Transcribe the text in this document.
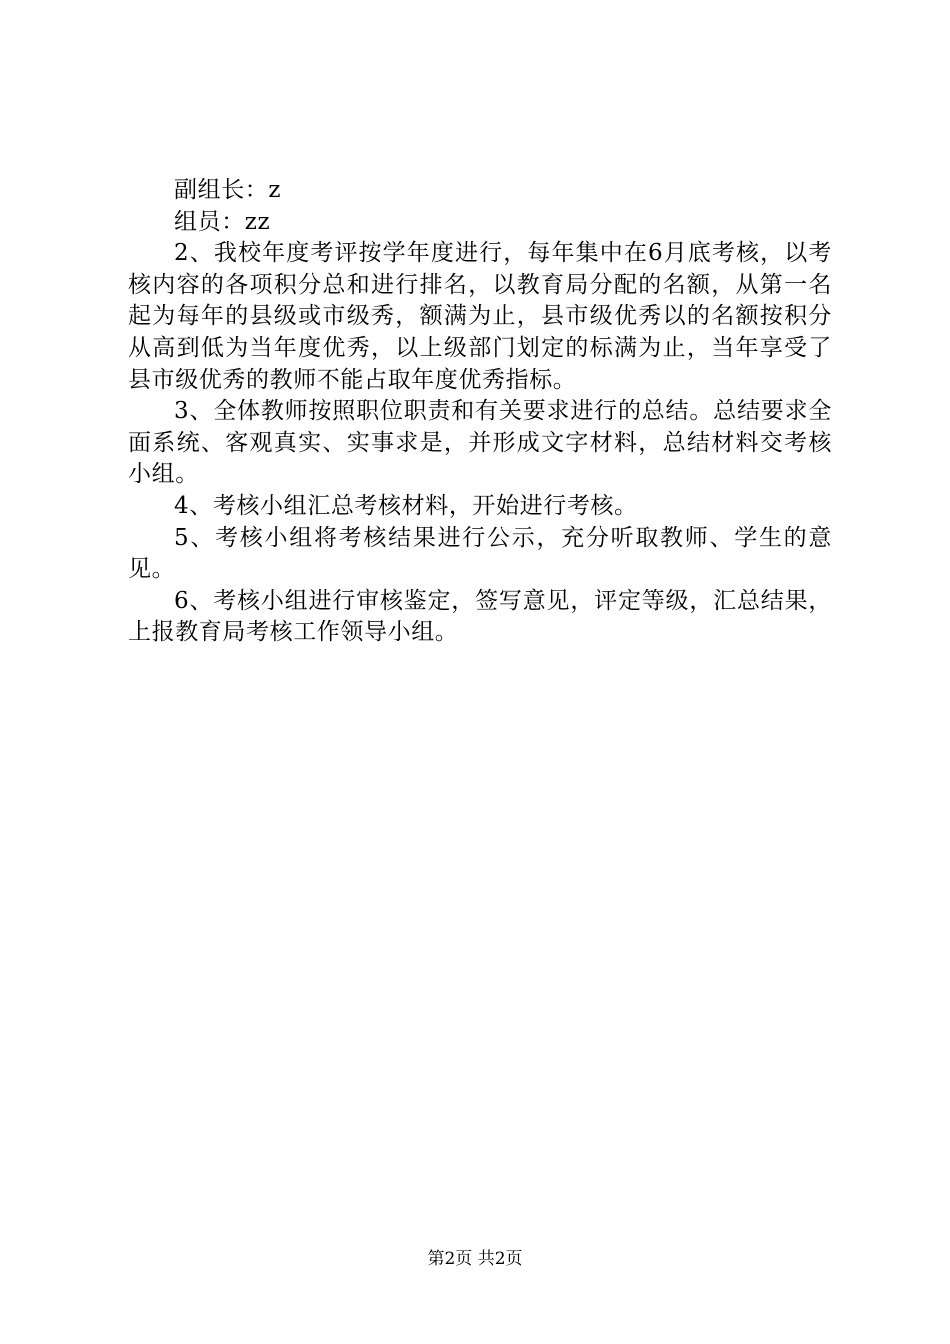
副组长：z

组员：zz

2、我校年度考评按学年度进行，每年集中在6月底考核，以考核内容的各项积分总和进行排名，以教育局分配的名额，从第一名起为每年的县级或市级秀，额满为止，县市级优秀以的名额按积分从高到低为当年度优秀，以上级部门划定的标满为止，当年享受了县市级优秀的教师不能占取年度优秀指标。

3、全体教师按照职位职责和有关要求进行的总结。总结要求全面系统、客观真实、实事求是，并形成文字材料，总结材料交考核小组。

4、考核小组汇总考核材料，开始进行考核。

5、考核小组将考核结果进行公示，充分听取教师、学生的意见。

6、考核小组进行审核鉴定，签写意见，评定等级，汇总结果，上报教育局考核工作领导小组。

第2页 共2页
